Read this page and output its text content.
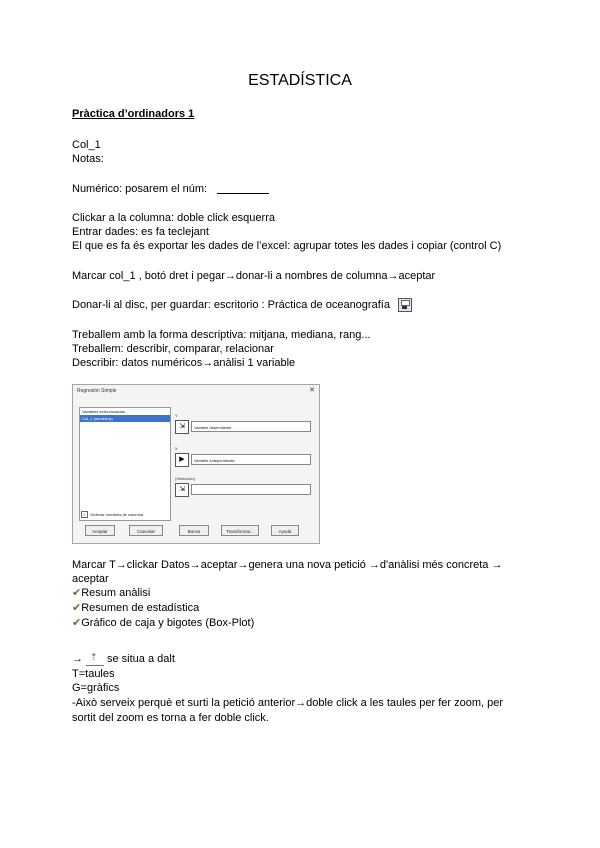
ESTADÍSTICA
Pràctica d’ordinadors 1
Col_1
Notas:
Numérico: posarem el núm:
Clickar a la columna: doble click esquerra
Entrar dades: es fa teclejant
El que es fa és exportar les dades de l’excel: agrupar totes les dades i copiar (control C)
Marcar col_1 , botó dret i pegar→donar-li a nombres de columna→aceptar
Donar-li al disc, per guardar: escritorio : Práctica de oceanografía
Treballem amb la forma descriptiva: mitjana, mediana, rang...
Treballem: describir, comparar, relacionar
Describir: datos numéricos→anàlisi 1 variable
Regresión Simple	✕
Variables seleccionadas
Col_1 (numérica)
Y
⇲	Variable dependiente
X
▶	Variable independiente
(Selección)
⇲
✓ Ordenar nombres de columna
Aceptar	Cancelar	Borrar	Transformar...	Ayuda
Marcar T→clickar Datos→aceptar→genera una nova petició →d'anàlisi més concreta →
aceptar
✔Resum anàlisi
✔Resumen de estadística
✔Gráfico de caja y bigotes (Box-Plot)
→⇡ se situa a dalt
T=taules
G=gràfics
-Això serveix perquè et surti la petició anterior→doble click a les taules per fer zoom, per
sortit del zoom es torna a fer doble click.
